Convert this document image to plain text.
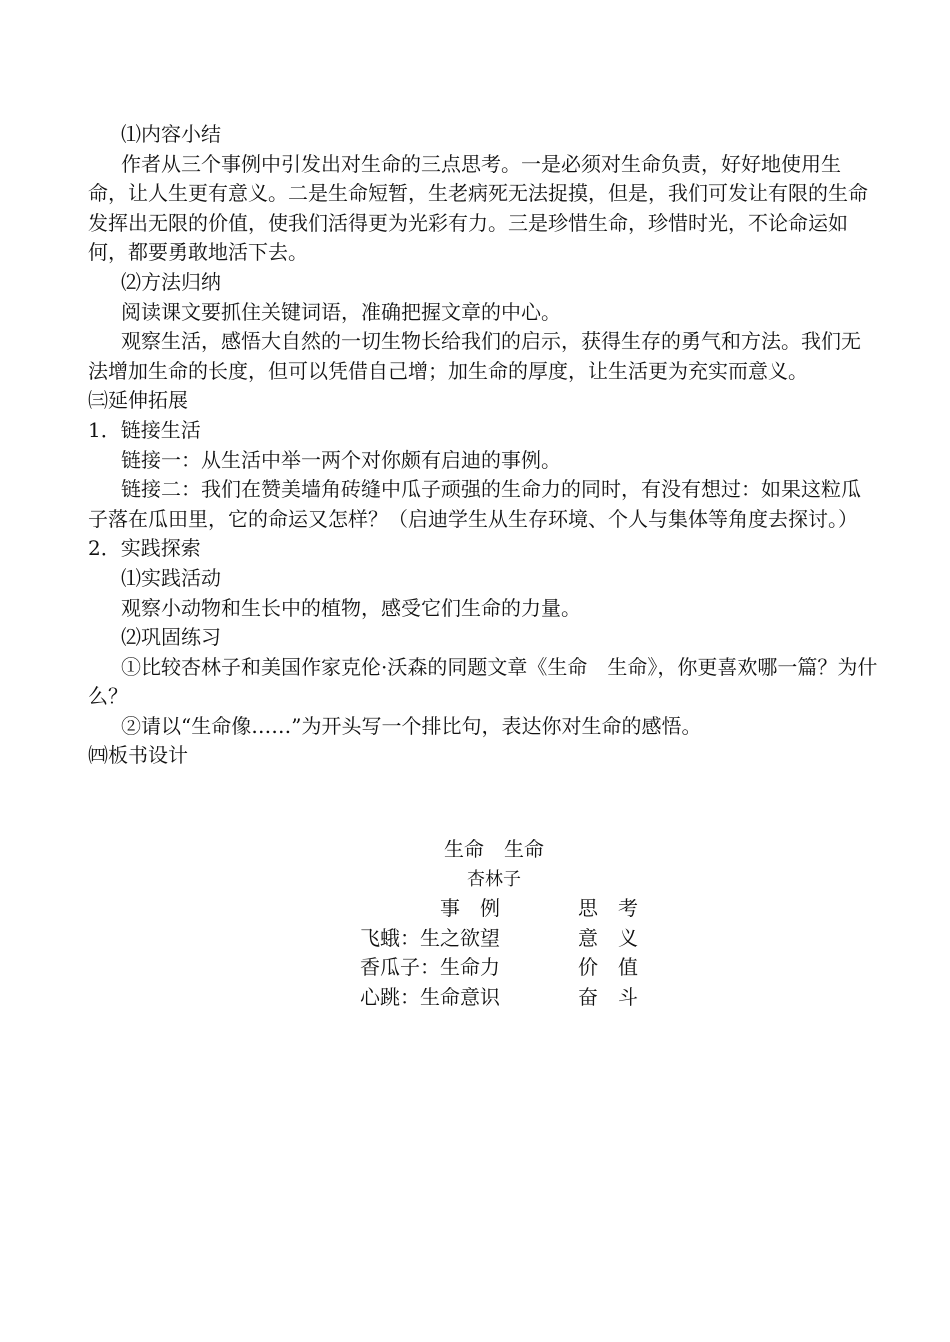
⑴内容小结

作者从三个事例中引发出对生命的三点思考。一是必须对生命负责，好好地使用生命，让人生更有意义。二是生命短暂，生老病死无法捉摸，但是，我们可发让有限的生命发挥出无限的价值，使我们活得更为光彩有力。三是珍惜生命，珍惜时光，不论命运如何，都要勇敢地活下去。

⑵方法归纳

阅读课文要抓住关键词语，准确把握文章的中心。

观察生活，感悟大自然的一切生物长给我们的启示，获得生存的勇气和方法。我们无法增加生命的长度，但可以凭借自己增；加生命的厚度，让生活更为充实而意义。

㈢延伸拓展

1．链接生活

链接一：从生活中举一两个对你颇有启迪的事例。

链接二：我们在赞美墙角砖缝中瓜子顽强的生命力的同时，有没有想过：如果这粒瓜子落在瓜田里，它的命运又怎样？（启迪学生从生存环境、个人与集体等角度去探讨。）

2．实践探索

⑴实践活动

观察小动物和生长中的植物，感受它们生命的力量。

⑵巩固练习

①比较杏林子和美国作家克伦·沃森的同题文章《生命　生命》，你更喜欢哪一篇？为什么？

②请以“生命像……”为开头写一个排比句，表达你对生命的感悟。

㈣板书设计

生命　生命

杏林子

事　例	思　考
飞蛾：生之欲望	意　义
香瓜子：生命力	价　值
心跳：生命意识	奋　斗
